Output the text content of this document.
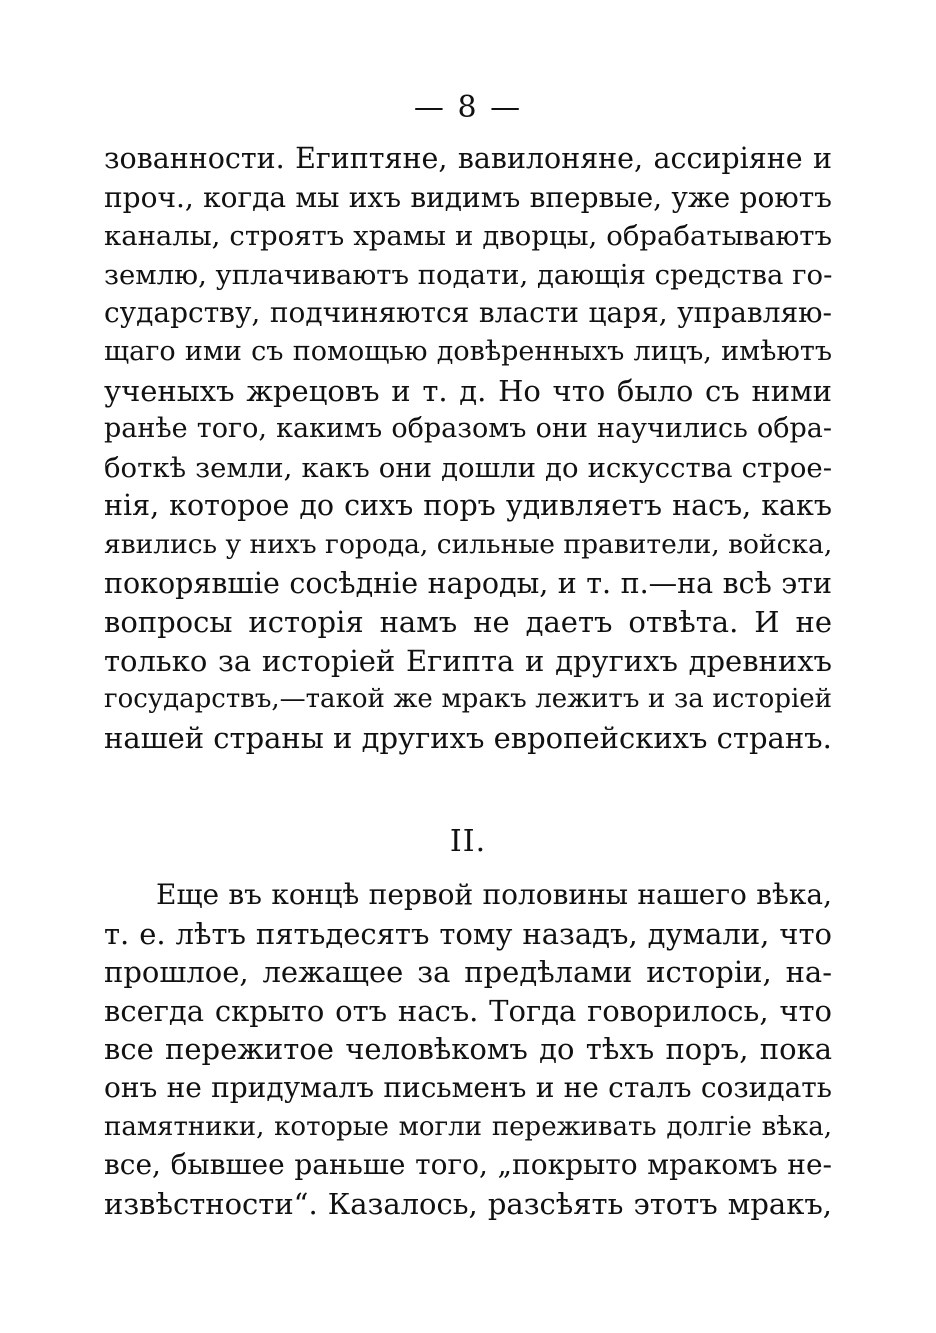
— 8 —
зованности. Египтяне, вавилоняне, ассиріяне и
проч., когда мы ихъ видимъ впервые, уже роютъ
каналы, строятъ храмы и дворцы, обрабатываютъ
землю, уплачиваютъ подати, дающія средства го-
сударству, подчиняются власти царя, управляю-
щаго ими съ помощью довѣренныхъ лицъ, имѣютъ
ученыхъ жрецовъ и т. д. Но что было съ ними
ранѣе того, какимъ образомъ они научились обра-
боткѣ земли, какъ они дошли до искусства строе-
нія, которое до сихъ поръ удивляетъ насъ, какъ
явились у нихъ города, сильные правители, войска,
покорявшіе сосѣдніе народы, и т. п.—на всѣ эти
вопросы исторія намъ не даетъ отвѣта. И не
только за исторіей Египта и другихъ древнихъ
государствъ,—такой же мракъ лежитъ и за исторіей
нашей страны и другихъ европейскихъ странъ.
II.
Еще въ концѣ первой половины нашего вѣка,
т. е. лѣтъ пятьдесятъ тому назадъ, думали, что
прошлое, лежащее за предѣлами исторіи, на-
всегда скрыто отъ насъ. Тогда говорилось, что
все пережитое человѣкомъ до тѣхъ поръ, пока
онъ не придумалъ письменъ и не сталъ созидать
памятники, которые могли переживать долгіе вѣка,
все, бывшее раньше того, „покрыто мракомъ не-
извѣстности“. Казалось, разсѣять этотъ мракъ,
